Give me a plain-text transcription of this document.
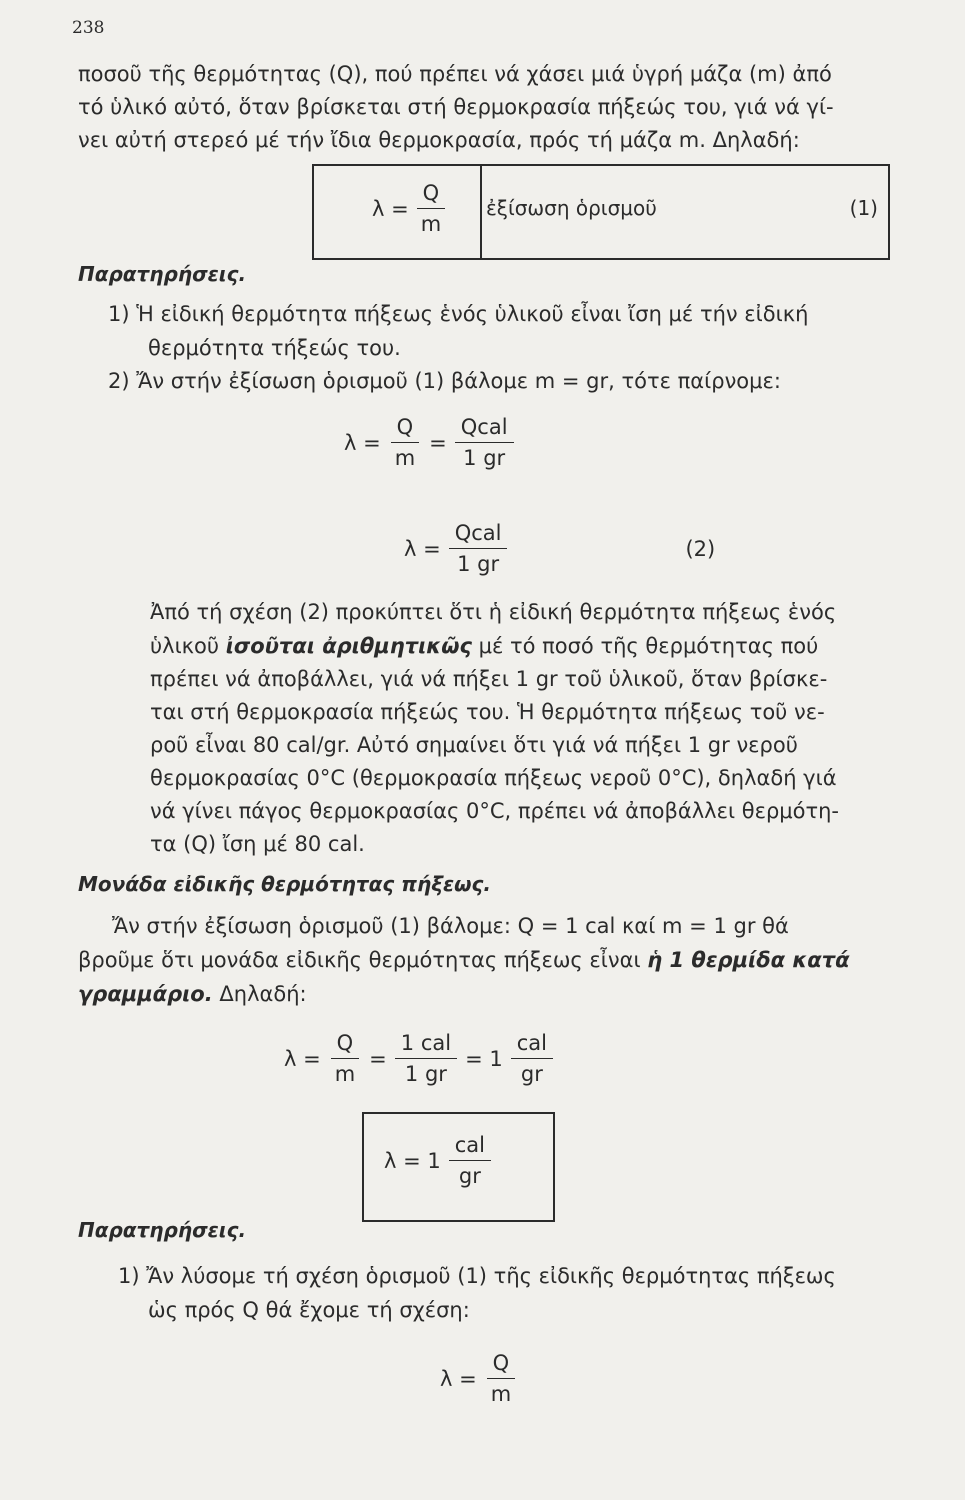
238
ποσοῦ τῆς θερμότητας (Q), πού πρέπει νά χάσει μιά ὑγρή μάζα (m) ἀπό
τό ὑλικό αὐτό, ὅταν βρίσκεται στή θερμοκρασία πήξεώς του, γιά νά γί-
νει αὐτή στερεό μέ τήν ἴδια θερμοκρασία, πρός τή μάζα m. Δηλαδή:
$\lambda = \frac{Q}{m}$ ἐξίσωση ὁρισμοῦ	(1)
Παρατηρήσεις.
1) Ἡ εἰδική θερμότητα πήξεως ἑνός ὑλικοῦ εἶναι ἴση μέ τήν εἰδική
θερμότητα τήξεώς του.
2) Ἄν στήν ἐξίσωση ὁρισμοῦ (1) βάλομε m = gr, τότε παίρνομε:
$\lambda = \frac{Q}{m} = \frac{\text{Qcal}}{1 gr}$
$\lambda = \frac{\text{Qcal}}{1 gr}$	(2)
Ἀπό τή σχέση (2) προκύπτει ὅτι ἡ εἰδική θερμότητα πήξεως ἑνός
ὑλικοῦ ἰσοῦται ἀριθμητικῶς μέ τό ποσό τῆς θερμότητας πού
πρέπει νά ἀποβάλλει, γιά νά πήξει 1 gr τοῦ ὑλικοῦ, ὅταν βρίσκε-
ται στή θερμοκρασία πήξεώς του. Ἡ θερμότητα πήξεως τοῦ νε-
ροῦ εἶναι 80 cal/gr. Αὐτό σημαίνει ὅτι γιά νά πήξει 1 gr νεροῦ
θερμοκρασίας 0°C (θερμοκρασία πήξεως νεροῦ 0°C), δηλαδή γιά
νά γίνει πάγος θερμοκρασίας 0°C, πρέπει νά ἀποβάλλει θερμότη-
τα (Q) ἴση μέ 80 cal.
Μονάδα εἰδικῆς θερμότητας πήξεως.
Ἄν στήν ἐξίσωση ὁρισμοῦ (1) βάλομε: Q = 1 cal καί m = 1 gr θά
βροῦμε ὅτι μονάδα εἰδικῆς θερμότητας πήξεως εἶναι ἡ 1 θερμίδα κατά
γραμμάριο. Δηλαδή:
$\lambda = \frac{Q}{m} = \frac{\text{1 cal}}{1 gr} = 1 \frac{\text{cal}}{gr}$
$\lambda = 1 \frac{\text{cal}}{gr}$
Παρατηρήσεις.
1) Ἄν λύσομε τή σχέση ὁρισμοῦ (1) τῆς εἰδικῆς θερμότητας πήξεως
ὡς πρός Q θά ἔχομε τή σχέση:
$\lambda = \frac{Q}{m}$
